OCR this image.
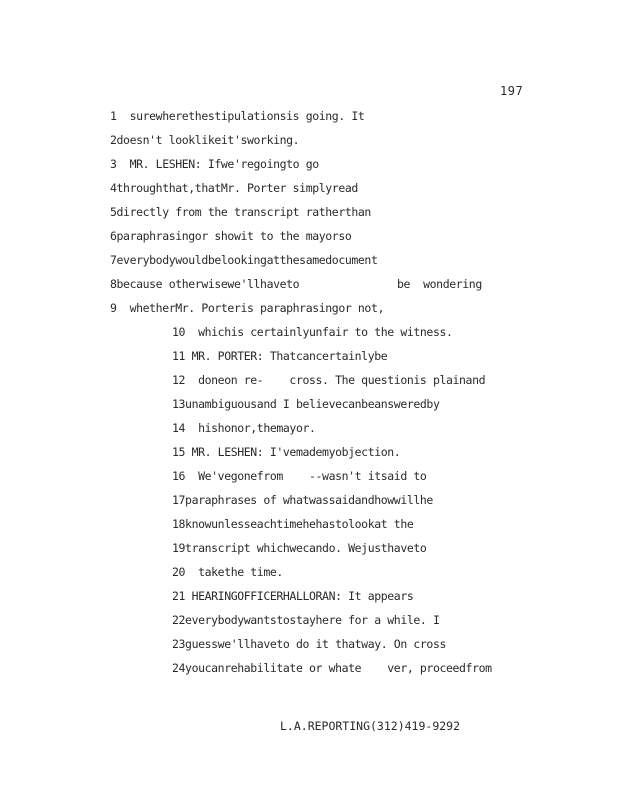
197
1  surewherethestipulationsis going. It
2doesn't looklikeit'sworking.
3  MR. LESHEN: Ifwe'regoingto go
4throughthat,thatMr. Porter simplyread
5directly from the transcript ratherthan
6paraphrasingor showit to the mayorso
7everybodywouldbelookingatthesamedocument
8because otherwisewe'llhaveto               be  wondering
9  whetherMr. Porteris paraphrasingor not,
10  whichis certainlyunfair to the witness.
11 MR. PORTER: Thatcancertainlybe
12  doneon re-    cross. The questionis plainand
13unambiguousand I believecanbeansweredby
14  hishonor,themayor.
15 MR. LESHEN: I'vemademyobjection.
16  We'vegonefrom    --wasn't itsaid to
17paraphrases of whatwassaidandhowwillhe
18knowunlesseachtimehehastolookat the
19transcript whichwecando. Wejusthaveto
20  takethe time.
21 HEARINGOFFICERHALLORAN: It appears
22everybodywantstostayhere for a while. I
23guesswe'llhaveto do it thatway. On cross
24youcanrehabilitate or whate    ver, proceedfrom
L.A.REPORTING(312)419-9292
